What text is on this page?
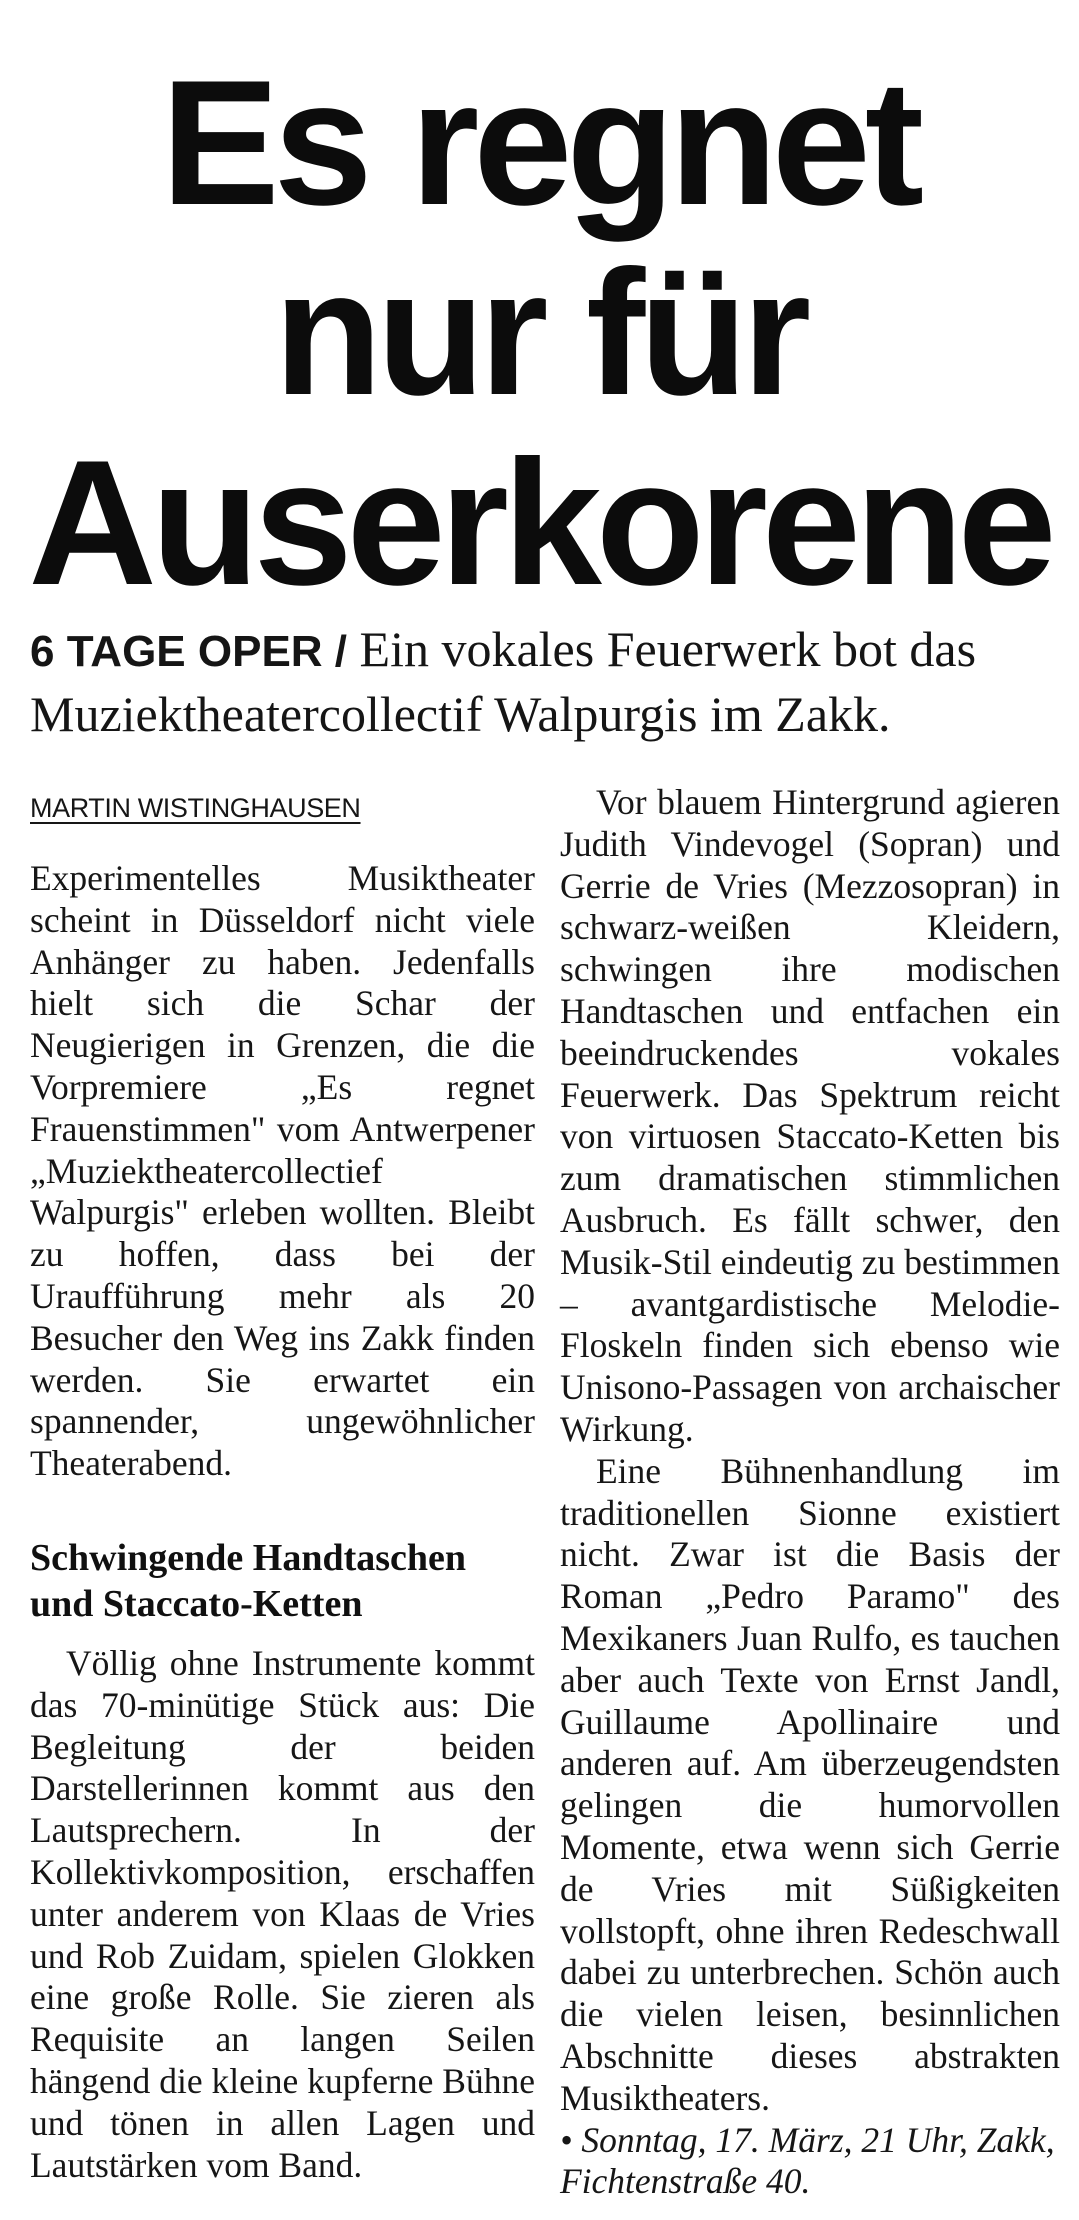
Es regnet
nur für
Auserkorene
6 TAGE OPER / Ein vokales Feuerwerk bot das Muziektheatercollectif Walpurgis im Zakk.
MARTIN WISTINGHAUSEN

Experimentelles Musiktheater scheint in Düsseldorf nicht viele Anhänger zu haben. Jedenfalls hielt sich die Schar der Neugierigen in Grenzen, die die Vorpremiere „Es regnet Frauenstimmen" vom Antwerpener „Muziektheatercollectief Walpurgis" erleben wollten. Bleibt zu hoffen, dass bei der Uraufführung mehr als 20 Besucher den Weg ins Zakk finden werden. Sie erwartet ein spannender, ungewöhnlicher Theaterabend.

Schwingende Handtaschen und Staccato-Ketten

Völlig ohne Instrumente kommt das 70-minütige Stück aus: Die Begleitung der beiden Darstellerinnen kommt aus den Lautsprechern. In der Kollektivkomposition, erschaffen unter anderem von Klaas de Vries und Rob Zuidam, spielen Glokken eine große Rolle. Sie zieren als Requisite an langen Seilen hängend die kleine kupferne Bühne und tönen in allen Lagen und Lautstärken vom Band.

Vor blauem Hintergrund agieren Judith Vindevogel (Sopran) und Gerrie de Vries (Mezzosopran) in schwarz-weißen Kleidern, schwingen ihre modischen Handtaschen und entfachen ein beeindruckendes vokales Feuerwerk. Das Spektrum reicht von virtuosen Staccato-Ketten bis zum dramatischen stimmlichen Ausbruch. Es fällt schwer, den Musik-Stil eindeutig zu bestimmen – avantgardistische Melodie-Floskeln finden sich ebenso wie Unisono-Passagen von archaischer Wirkung.

Eine Bühnenhandlung im traditionellen Sionne existiert nicht. Zwar ist die Basis der Roman „Pedro Paramo" des Mexikaners Juan Rulfo, es tauchen aber auch Texte von Ernst Jandl, Guillaume Apollinaire und anderen auf. Am überzeugendsten gelingen die humorvollen Momente, etwa wenn sich Gerrie de Vries mit Süßigkeiten vollstopft, ohne ihren Redeschwall dabei zu unterbrechen. Schön auch die vielen leisen, besinnlichen Abschnitte dieses abstrakten Musiktheaters.

• Sonntag, 17. März, 21 Uhr, Zakk, Fichtenstraße 40.
